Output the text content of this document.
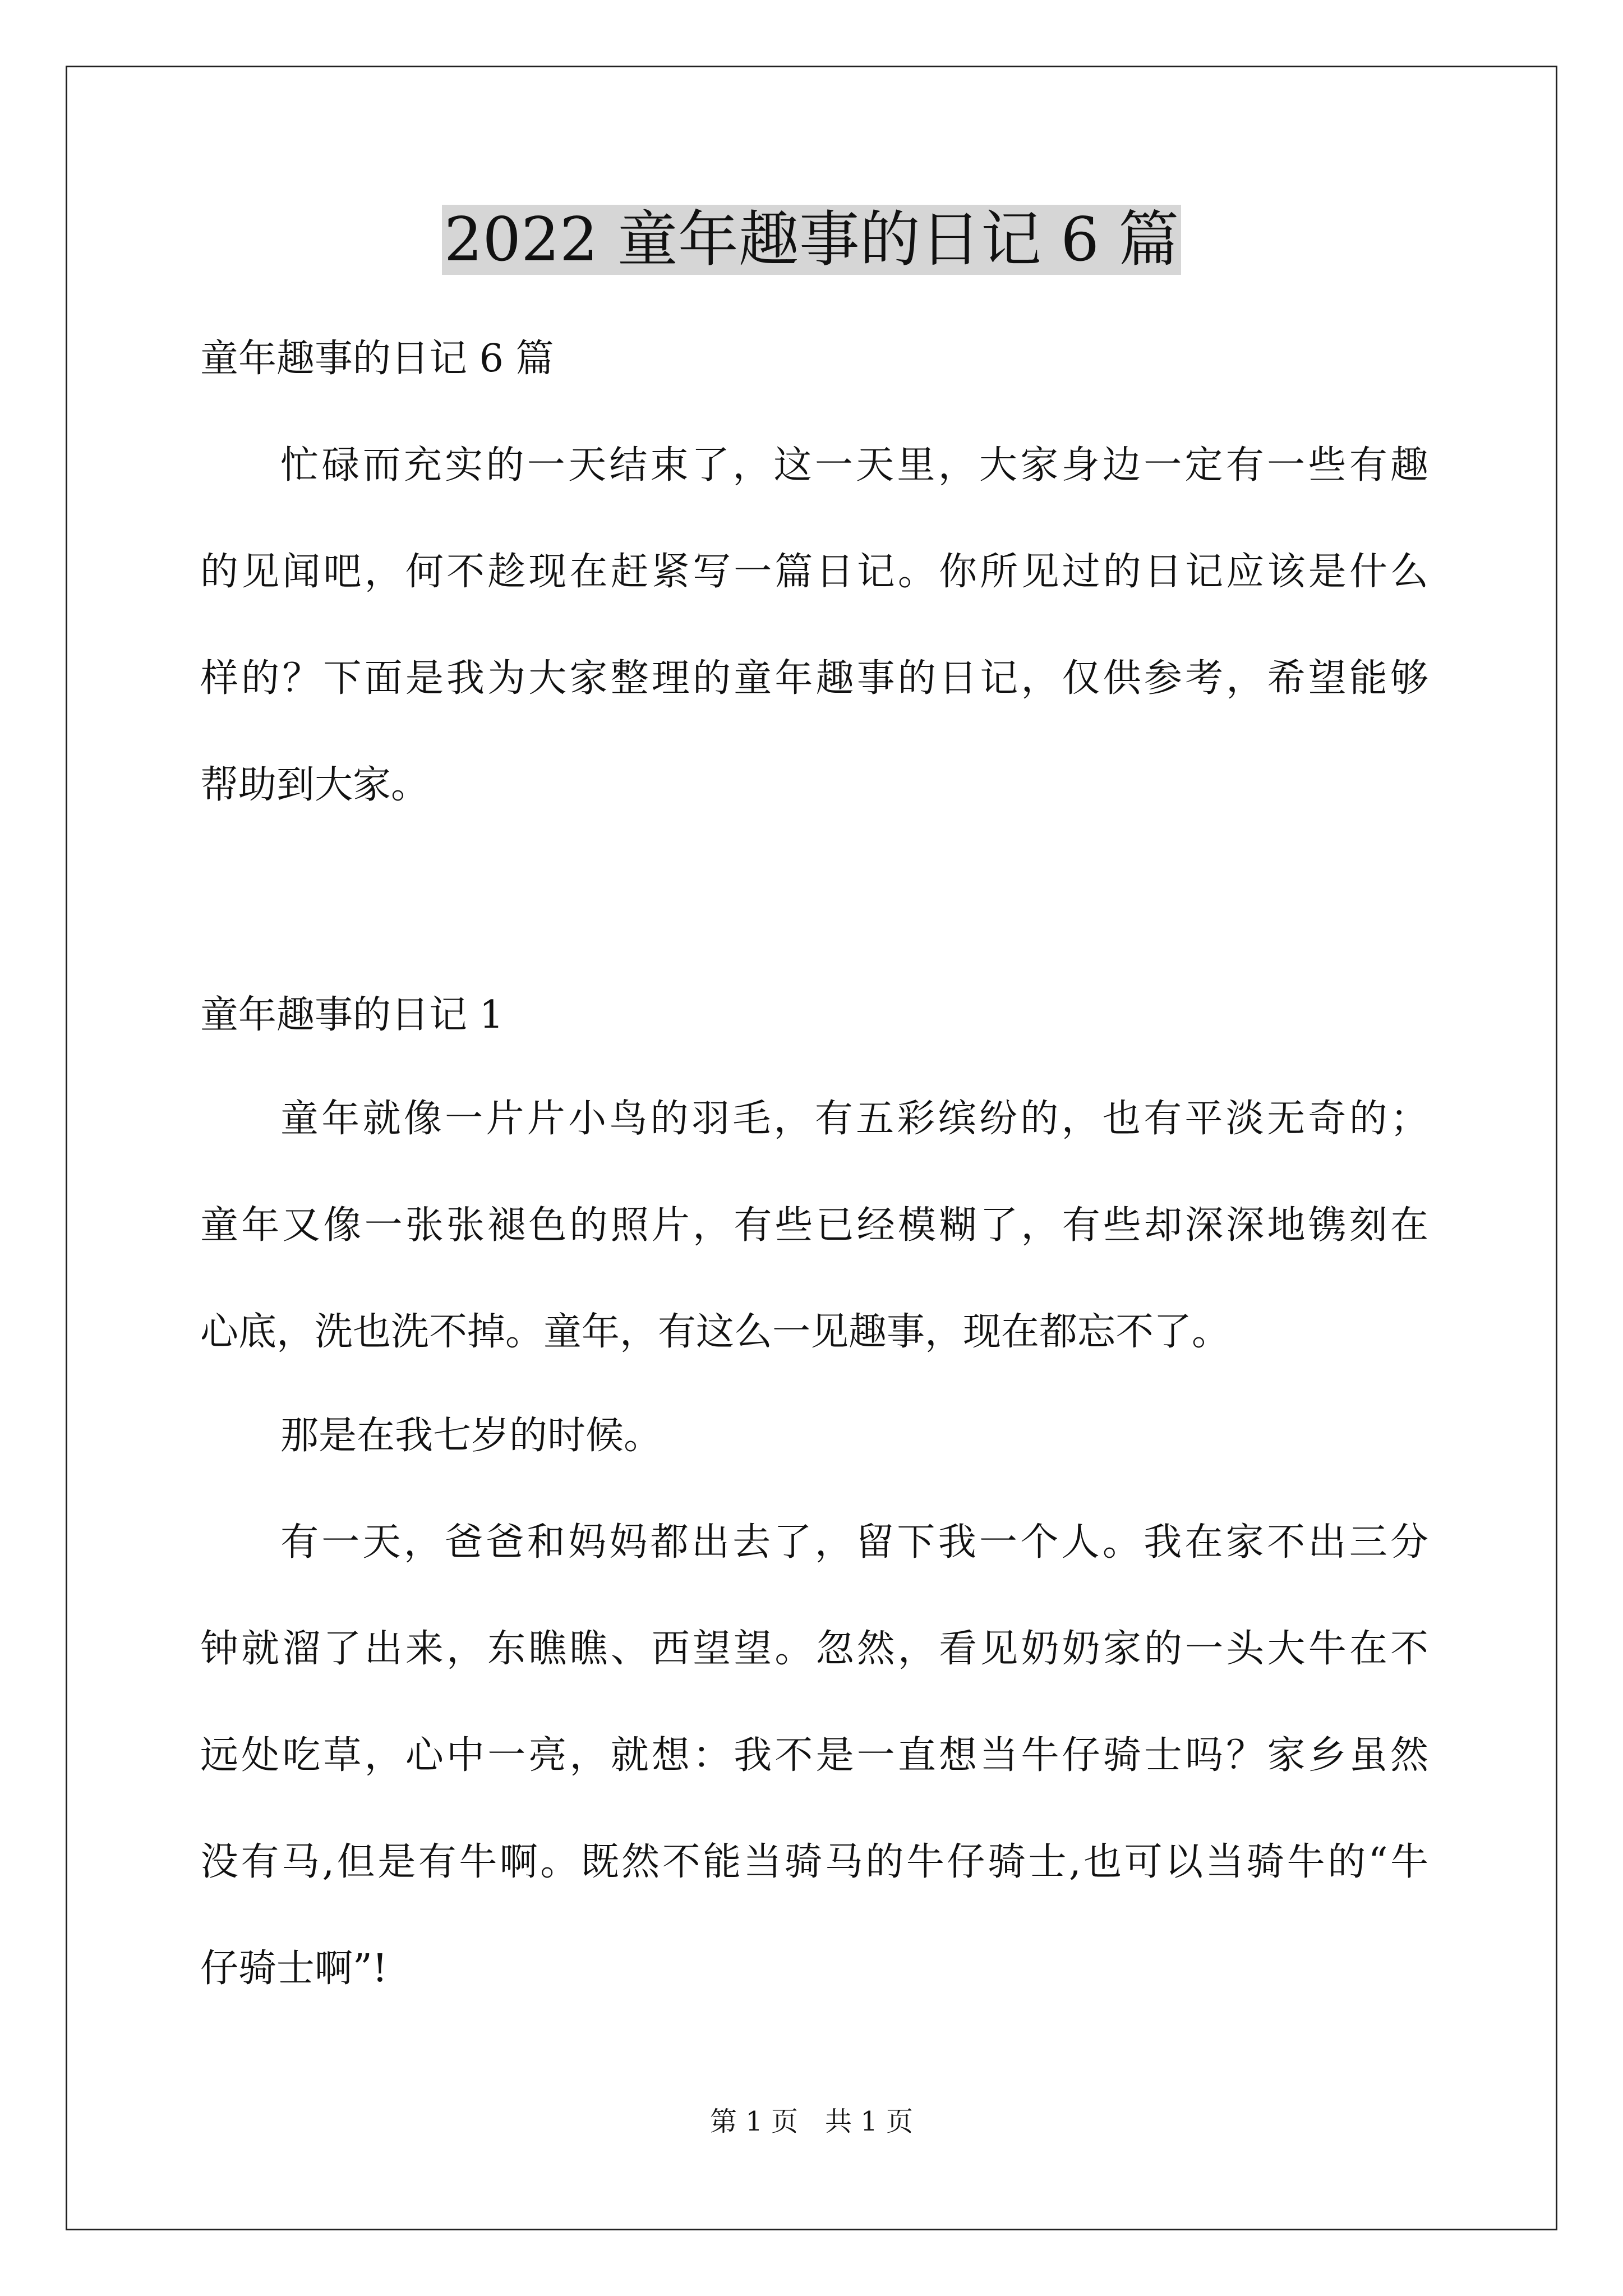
2022 童年趣事的日记 6 篇
童年趣事的日记 6 篇
忙碌而充实的一天结束了，这一天里，大家身边一定有一些有趣
的见闻吧，何不趁现在赶紧写一篇日记。你所见过的日记应该是什么
样的？下面是我为大家整理的童年趣事的日记，仅供参考，希望能够
帮助到大家。
童年趣事的日记 1
童年就像一片片小鸟的羽毛，有五彩缤纷的，也有平淡无奇的；
童年又像一张张褪色的照片，有些已经模糊了，有些却深深地镌刻在
心底，洗也洗不掉。童年，有这么一见趣事，现在都忘不了。
那是在我七岁的时候。
有一天，爸爸和妈妈都出去了，留下我一个人。我在家不出三分
钟就溜了出来，东瞧瞧、西望望。忽然，看见奶奶家的一头大牛在不
远处吃草，心中一亮，就想：我不是一直想当牛仔骑士吗？家乡虽然
没有马,但是有牛啊。既然不能当骑马的牛仔骑士,也可以当骑牛的“牛
仔骑士啊”!
第 1 页　共 1 页
